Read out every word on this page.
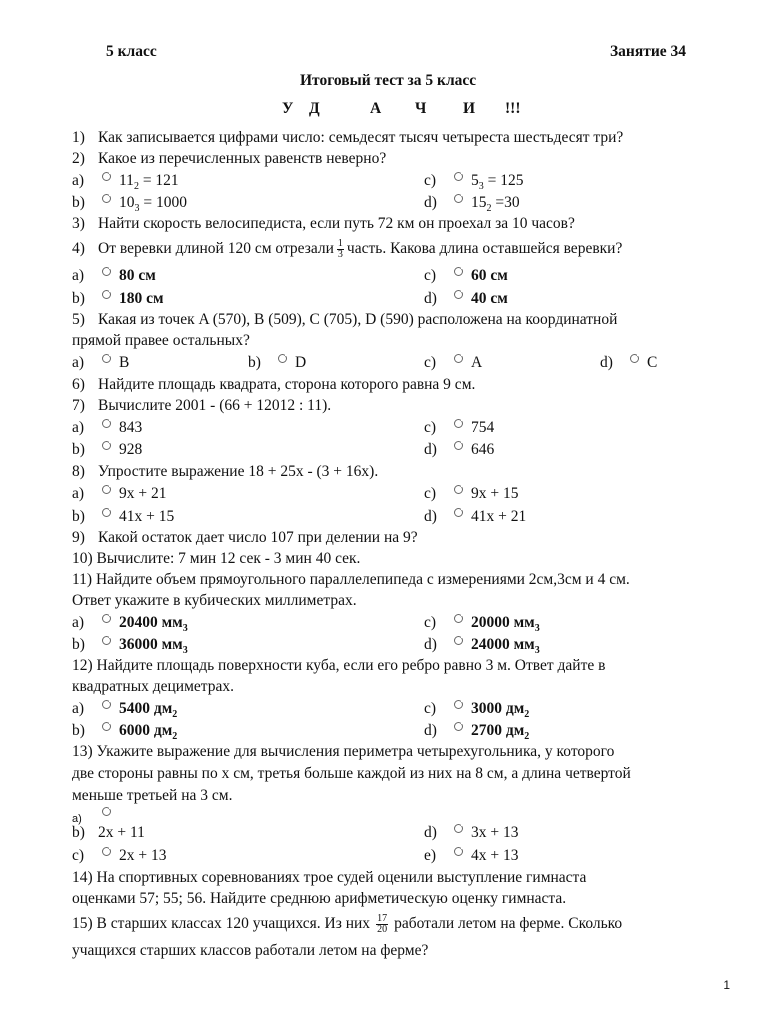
5 класс	Занятие 34
Итоговый тест за 5 класс
У Д	А Ч И !!!
1) Как записывается цифрами число: семьдесят тысяч четыреста шестьдесят три?
2) Какое из перечисленных равенств неверно?
a) $11_2 = 121$	c) $5_3 = 125$
b) $10_3 = 1000$	d) $15_2 =30$
3) Найти скорость велосипедиста, если путь 72 км он проехал за 10 часов?
4) От веревки длиной 120 см отрезали $\frac{1}{3}$ часть. Какова длина оставшейся веревки?
a) 80 см	c) 60 см
b) 180 см	d) 40 см
5) Какая из точек A (570), B (509), C (705), D (590) расположена на координатной
прямой правее остальных?
a) B	b) D	c) A	d) C
6) Найдите площадь квадрата, сторона которого равна 9 см.
7) Вычислите 2001 - (66 + 12012 : 11).
a) 843	c) 754
b) 928	d) 646
8) Упростите выражение 18 + 25x - (3 + 16x).
a) 9x + 21	c) 9x + 15
b) 41x + 15	d) 41x + 21
9) Какой остаток дает число 107 при делении на 9?
10) Вычислите: 7 мин 12 сек - 3 мин 40 сек.
11) Найдите объем прямоугольного параллелепипеда с измерениями 2см,3см и 4 см.
Ответ укажите в кубических миллиметрах.
a) 20400 $мм_3$	c) 20000 $мм_3$
b) 36000 $мм_3$	d) 24000 $мм_3$
12) Найдите площадь поверхности куба, если его ребро равно 3 м. Ответ дайте в
квадратных дециметрах.
a) 5400 $дм_2$	c) 3000 $дм_2$
b) 6000 $дм_2$	d) 2700 $дм_2$
13) Укажите выражение для вычисления периметра четырехугольника, у которого
две стороны равны по х см, третья больше каждой из них на 8 см, а длина четвертой
меньше третьей на 3 см.
a)
b) 2x + 11	d) 3x + 13
c) 2x + 13	e) 4x + 13
14) На спортивных соревнованиях трое судей оценили выступление гимнаста
оценками 57; 55; 56. Найдите среднюю арифметическую оценку гимнаста.
15) В старших классах 120 учащихся. Из них $\frac{17}{20}$ работали летом на ферме. Сколько
учащихся старших классов работали летом на ферме?
1
